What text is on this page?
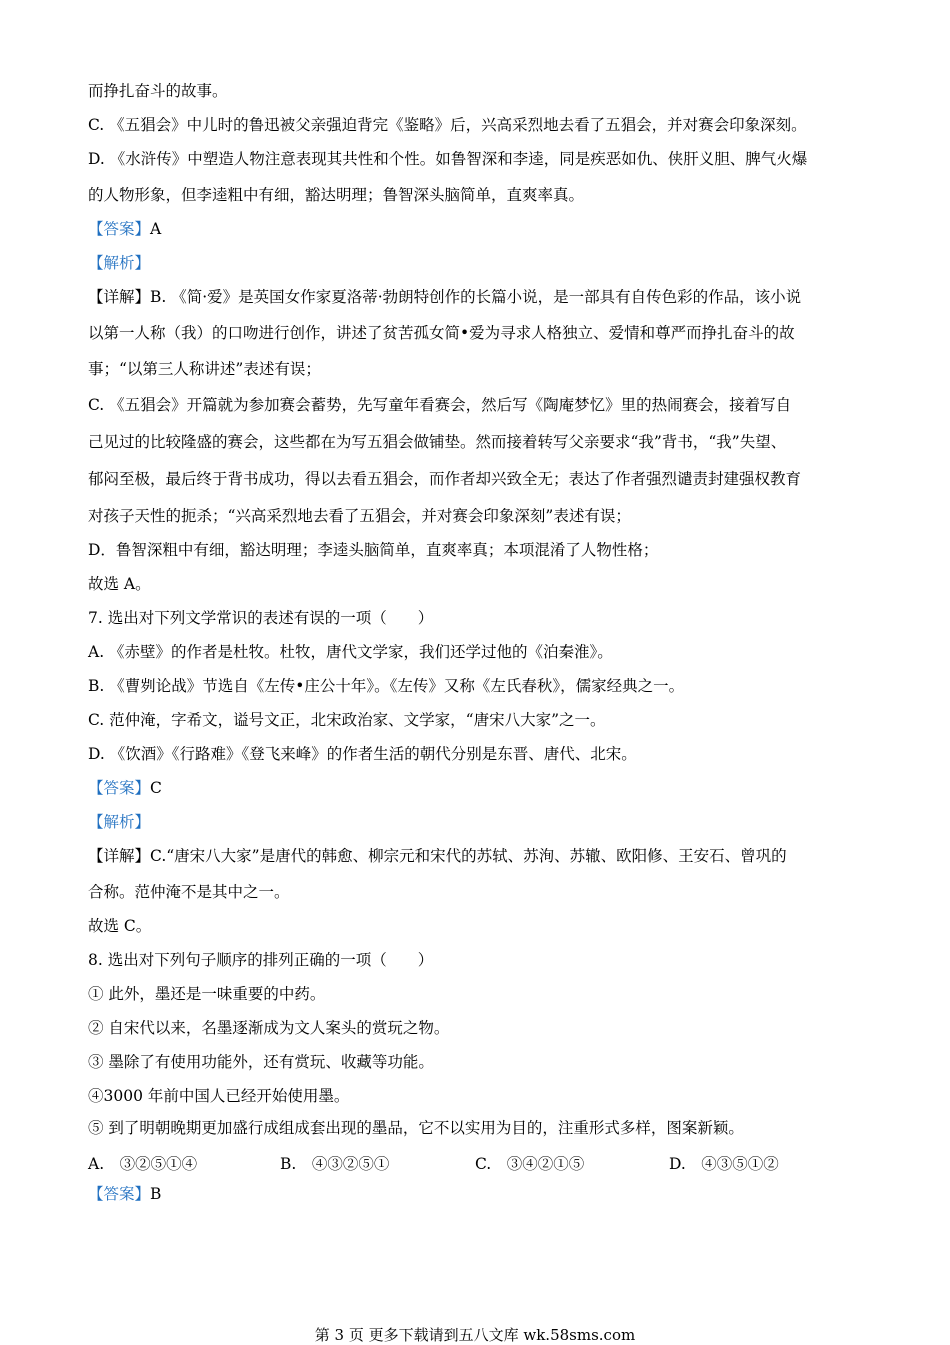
而挣扎奋斗的故事。
C. 《五猖会》中儿时的鲁迅被父亲强迫背完《鉴略》后，兴高采烈地去看了五猖会，并对赛会印象深刻。
D. 《水浒传》中塑造人物注意表现其共性和个性。如鲁智深和李逵，同是疾恶如仇、侠肝义胆、脾气火爆
的人物形象，但李逵粗中有细，豁达明理；鲁智深头脑简单，直爽率真。
【答案】A
【解析】
【详解】B. 《简·爱》是英国女作家夏洛蒂·勃朗特创作的长篇小说，是一部具有自传色彩的作品，该小说
以第一人称（我）的口吻进行创作，讲述了贫苦孤女简•爱为寻求人格独立、爱情和尊严而挣扎奋斗的故
事；“以第三人称讲述”表述有误；
C. 《五猖会》开篇就为参加赛会蓄势，先写童年看赛会，然后写《陶庵梦忆》里的热闹赛会，接着写自
己见过的比较隆盛的赛会，这些都在为写五猖会做铺垫。然而接着转写父亲要求“我”背书，“我”失望、
郁闷至极，最后终于背书成功，得以去看五猖会，而作者却兴致全无；表达了作者强烈谴责封建强权教育
对孩子天性的扼杀；“兴高采烈地去看了五猖会，并对赛会印象深刻”表述有误；
D．鲁智深粗中有细，豁达明理；李逵头脑简单，直爽率真；本项混淆了人物性格；
故选 A。
7. 选出对下列文学常识的表述有误的一项（　　）
A. 《赤壁》的作者是杜牧。杜牧，唐代文学家，我们还学过他的《泊秦淮》。
B. 《曹刿论战》节选自《左传•庄公十年》。《左传》又称《左氏春秋》，儒家经典之一。
C. 范仲淹，字希文，谥号文正，北宋政治家、文学家，“唐宋八大家”之一。
D. 《饮酒》《行路难》《登飞来峰》的作者生活的朝代分别是东晋、唐代、北宋。
【答案】C
【解析】
【详解】C.“唐宋八大家”是唐代的韩愈、柳宗元和宋代的苏轼、苏洵、苏辙、欧阳修、王安石、曾巩的
合称。范仲淹不是其中之一。
故选 C。
8. 选出对下列句子顺序的排列正确的一项（　　）
① 此外，墨还是一味重要的中药。
② 自宋代以来，名墨逐渐成为文人案头的赏玩之物。
③ 墨除了有使用功能外，还有赏玩、收藏等功能。
④3000 年前中国人已经开始使用墨。
⑤ 到了明朝晚期更加盛行成组成套出现的墨品，它不以实用为目的，注重形式多样，图案新颖。
A.　③②⑤①④	B.　④③②⑤①	C.　③④②①⑤	D.　④③⑤①②
【答案】B
第 3 页 更多下载请到五八文库 wk.58sms.com
